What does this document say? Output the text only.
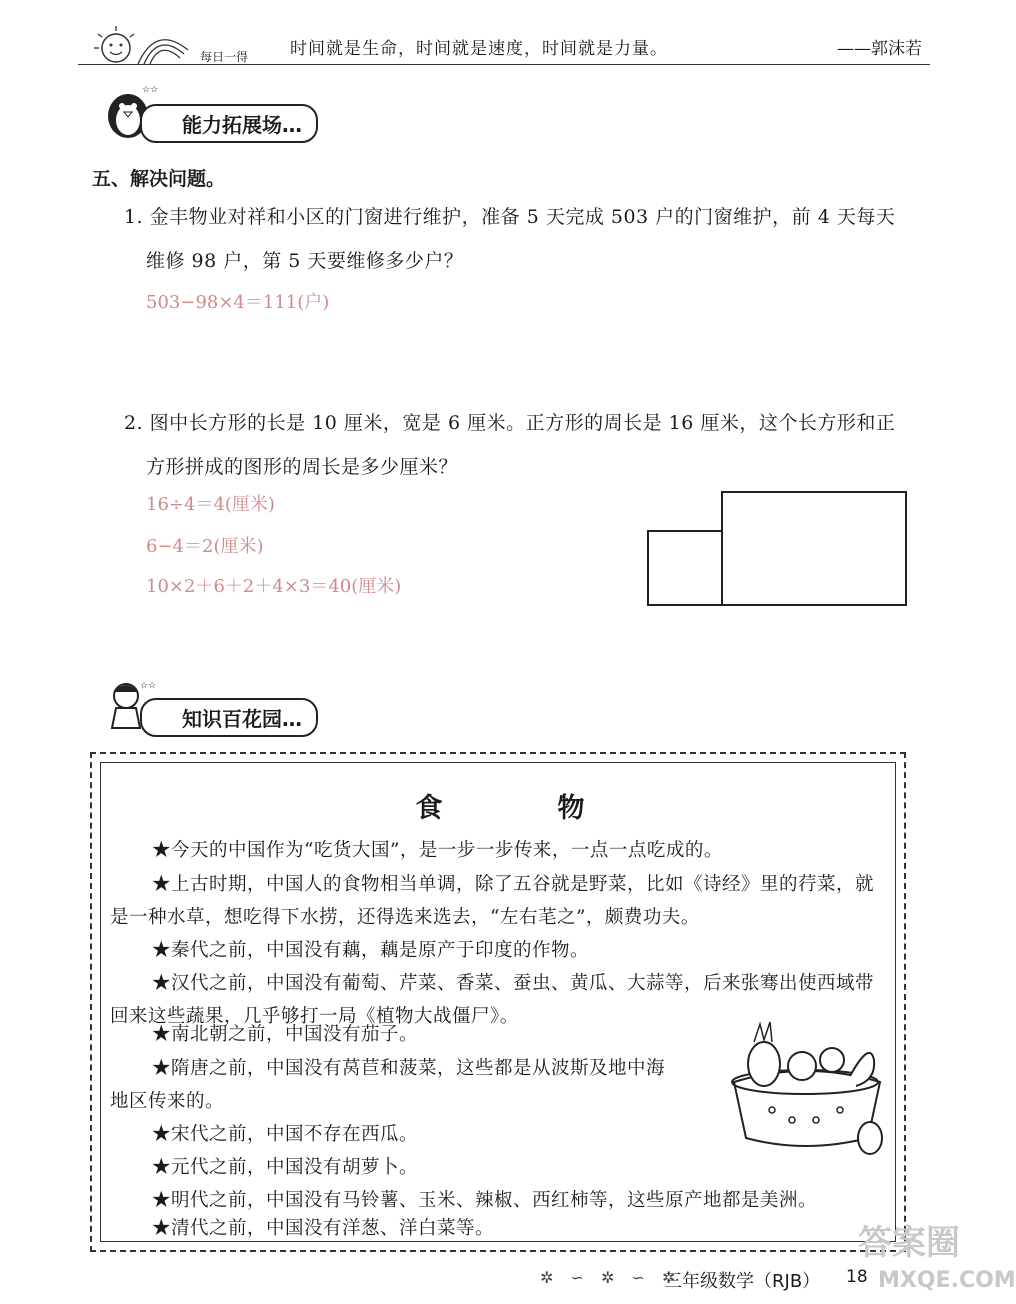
每日一得 时间就是生命，时间就是速度，时间就是力量。	——郭沫若
☆☆
能力拓展场…
五、解决问题。
1. 金丰物业对祥和小区的门窗进行维护，准备 5 天完成 503 户的门窗维护，前 4 天每天
维修 98 户，第 5 天要维修多少户？
503−98×4＝111(户)
2. 图中长方形的长是 10 厘米，宽是 6 厘米。正方形的周长是 16 厘米，这个长方形和正
方形拼成的图形的周长是多少厘米？
16÷4＝4(厘米)
6−4＝2(厘米)
10×2＋6＋2＋4×3＝40(厘米)
☆☆
知识百花园…
食　物
★今天的中国作为“吃货大国”，是一步一步传来，一点一点吃成的。
★上古时期，中国人的食物相当单调，除了五谷就是野菜，比如《诗经》里的荇菜，就
是一种水草，想吃得下水捞，还得选来选去，“左右芼之”，颇费功夫。
★秦代之前，中国没有藕，藕是原产于印度的作物。
★汉代之前，中国没有葡萄、芹菜、香菜、蚕虫、黄瓜、大蒜等，后来张骞出使西域带
回来这些蔬果，几乎够打一局《植物大战僵尸》。
★南北朝之前，中国没有茄子。
★隋唐之前，中国没有莴苣和菠菜，这些都是从波斯及地中海
地区传来的。
★宋代之前，中国不存在西瓜。
★元代之前，中国没有胡萝卜。
★明代之前，中国没有马铃薯、玉米、辣椒、西红柿等，这些原产地都是美洲。
★清代之前，中国没有洋葱、洋白菜等。
✲ ∽ ✲ ∽ ✲
三年级数学（RJB） 18
答案圈
MXQE.COM
